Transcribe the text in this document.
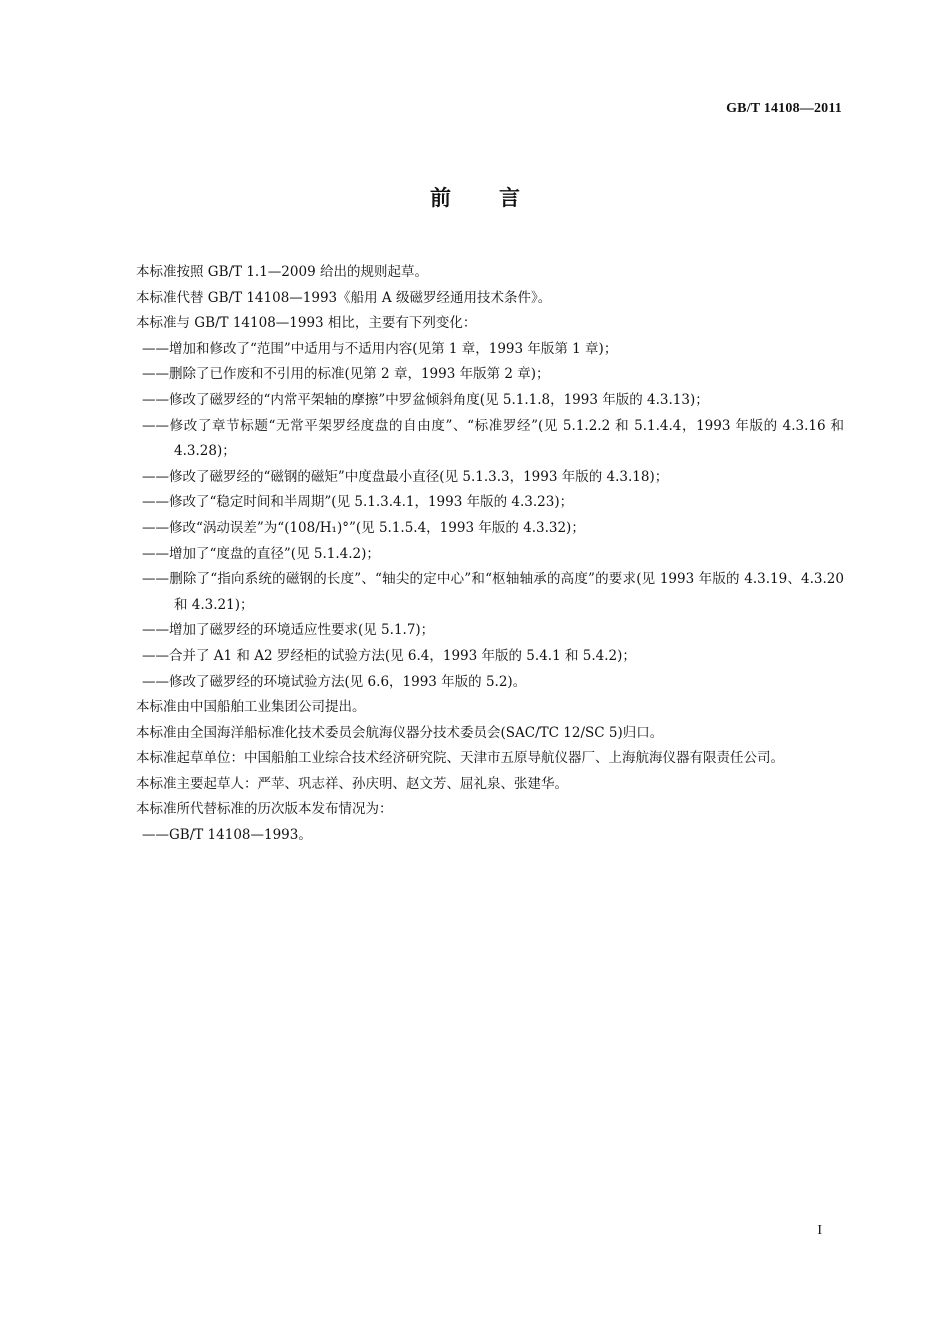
GB/T 14108—2011
前言

本标准按照 GB/T 1.1—2009 给出的规则起草。

本标准代替 GB/T 14108—1993《船用 A 级磁罗经通用技术条件》。

本标准与 GB/T 14108—1993 相比，主要有下列变化：

——增加和修改了“范围”中适用与不适用内容(见第 1 章，1993 年版第 1 章)；

——删除了已作废和不引用的标准(见第 2 章，1993 年版第 2 章)；

——修改了磁罗经的“内常平架轴的摩擦”中罗盆倾斜角度(见 5.1.1.8，1993 年版的 4.3.13)；

——修改了章节标题“无常平架罗经度盘的自由度”、“标准罗经”(见 5.1.2.2 和 5.1.4.4，1993 年版的 4.3.16 和 4.3.28)；

——修改了磁罗经的“磁钢的磁矩”中度盘最小直径(见 5.1.3.3，1993 年版的 4.3.18)；

——修改了“稳定时间和半周期”(见 5.1.3.4.1，1993 年版的 4.3.23)；

——修改“涡动误差”为“(108/H₁)°”(见 5.1.5.4，1993 年版的 4.3.32)；

——增加了“度盘的直径”(见 5.1.4.2)；

——删除了“指向系统的磁钢的长度”、“轴尖的定中心”和“枢轴轴承的高度”的要求(见 1993 年版的 4.3.19、4.3.20 和 4.3.21)；

——增加了磁罗经的环境适应性要求(见 5.1.7)；

——合并了 A1 和 A2 罗经柜的试验方法(见 6.4，1993 年版的 5.4.1 和 5.4.2)；

——修改了磁罗经的环境试验方法(见 6.6，1993 年版的 5.2)。

本标准由中国船舶工业集团公司提出。

本标准由全国海洋船标准化技术委员会航海仪器分技术委员会(SAC/TC 12/SC 5)归口。

本标准起草单位：中国船舶工业综合技术经济研究院、天津市五原导航仪器厂、上海航海仪器有限责任公司。

本标准主要起草人：严苹、巩志祥、孙庆明、赵文芳、屈礼泉、张建华。

本标准所代替标准的历次版本发布情况为：

——GB/T 14108—1993。

I
